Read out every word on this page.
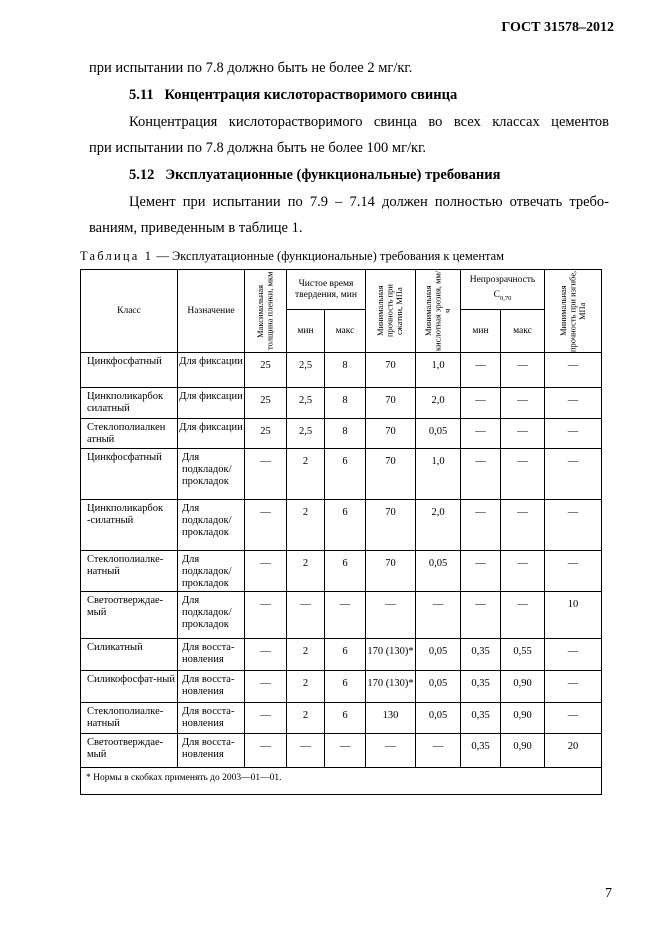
ГОСТ 31578–2012
при испытании по 7.8 должно быть не более 2 мг/кг.
5.11 Концентрация кислоторастворимого свинца
Концентрация кислоторастворимого свинца во всех классах цементов
при испытании по 7.8 должна быть не более 100 мг/кг.
5.12 Эксплуатационные (функциональные) требования
Цемент при испытании по 7.9 – 7.14 должен полностью отвечать требо-
ваниям, приведенным в таблице 1.
Таблица 1 — Эксплуатационные (функциональные) требования к цементам
Класс	Назначение	Максимальная толщина пленки, мкм	Чистое время твердения, мин		Минимальная прочность при сжатии, МПа	Минимальная кислотная эрозия, мм/ч	Непрозрачность
$С_{0,70}$		Минимальная прочность при изгибе, МПа

			мин	макс			мин	макс	
Цинкфосфатный	Для фиксации	25	2,5	8	70	1,0	—	—	—
Цинкполикарбок силатный	Для фиксации	25	2,5	8	70	2,0	—	—	—
Стеклополиалкен атный	Для фиксации	25	2,5	8	70	0,05	—	—	—
Цинкфосфатный	Для подкладок/ прокладок	—	2	6	70	1,0	—	—	—
Цинкполикарбок -силатный	Для подкладок/ прокладок	—	2	6	70	2,0	—	—	—
Стеклополиалке-натный	Для подкладок/ прокладок	—	2	6	70	0,05	—	—	—
Светоотверждае-мый	Для подкладок/ прокладок	—	—	—	—	—	—	—	10
Силикатный	Для восста-новления	—	2	6	170 (130)*	0,05	0,35	0,55	—
Силикофосфат-ный	Для восста-новления	—	2	6	170 (130)*	0,05	0,35	0,90	—
Стеклополиалке-натный	Для восста-новления	—	2	6	130	0,05	0,35	0,90	—
Светоотверждае-мый	Для восста-новления	—	—	—	—	—	0,35	0,90	20
* Нормы в скобках применять до 2003—01—01.									
7
